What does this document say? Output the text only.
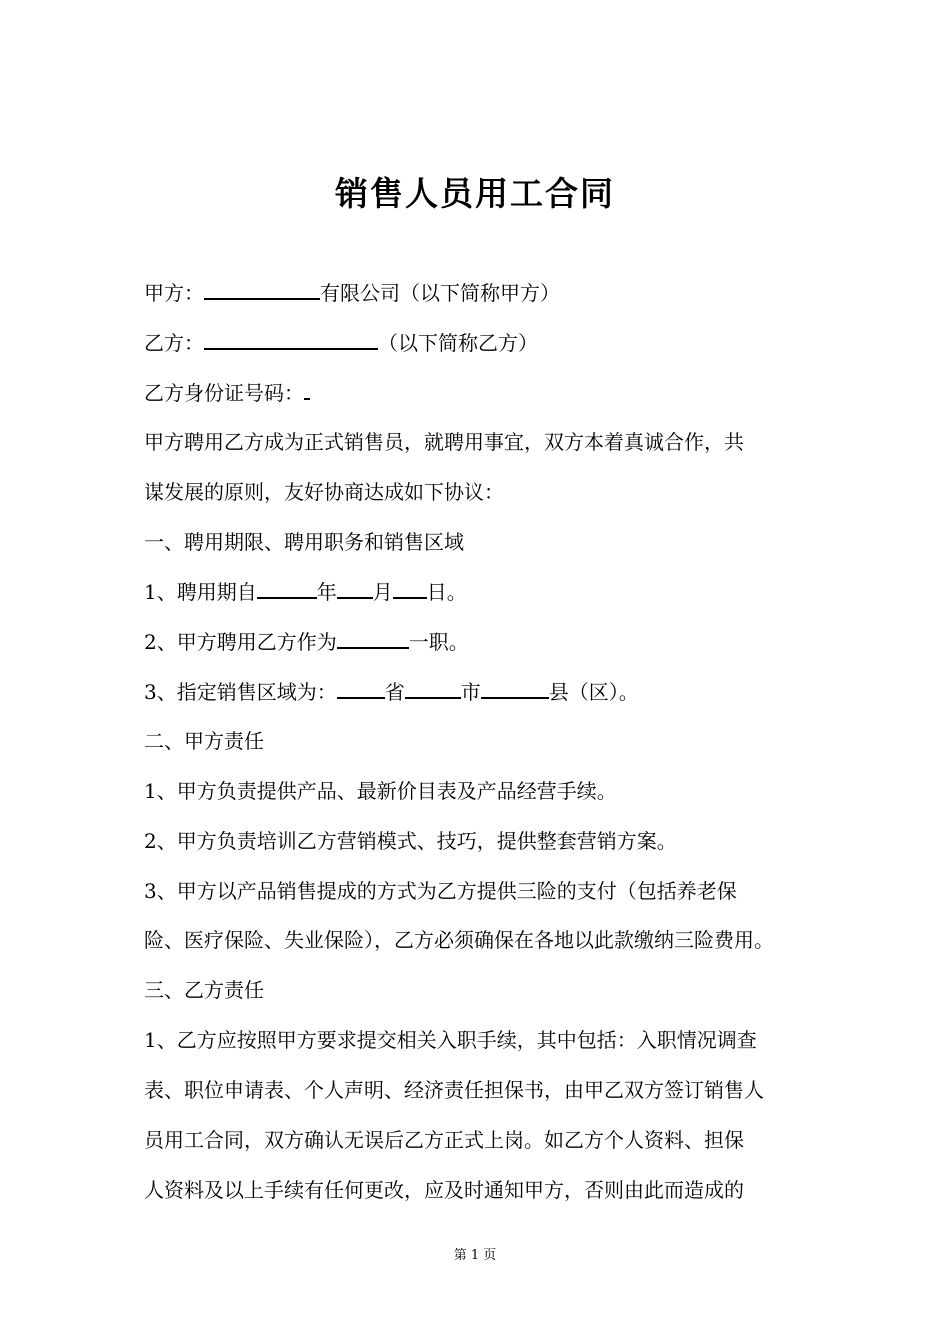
销售人员用工合同
甲方：	有限公司（以下简称甲方）
乙方：	（以下简称乙方）
乙方身份证号码：
甲方聘用乙方成为正式销售员，就聘用事宜，双方本着真诚合作，共
谋发展的原则，友好协商达成如下协议：
一、聘用期限、聘用职务和销售区域
1、聘用期自	年 月 日。
2、甲方聘用乙方作为	一职。
3、指定销售区域为： 省	市	县（区）。
二、甲方责任
1、甲方负责提供产品、最新价目表及产品经营手续。
2、甲方负责培训乙方营销模式、技巧，提供整套营销方案。
3、甲方以产品销售提成的方式为乙方提供三险的支付（包括养老保
险、医疗保险、失业保险），乙方必须确保在各地以此款缴纳三险费用。
三、乙方责任
1、乙方应按照甲方要求提交相关入职手续，其中包括：入职情况调查
表、职位申请表、个人声明、经济责任担保书，由甲乙双方签订销售人
员用工合同，双方确认无误后乙方正式上岗。如乙方个人资料、担保
人资料及以上手续有任何更改，应及时通知甲方，否则由此而造成的
第 1 页
